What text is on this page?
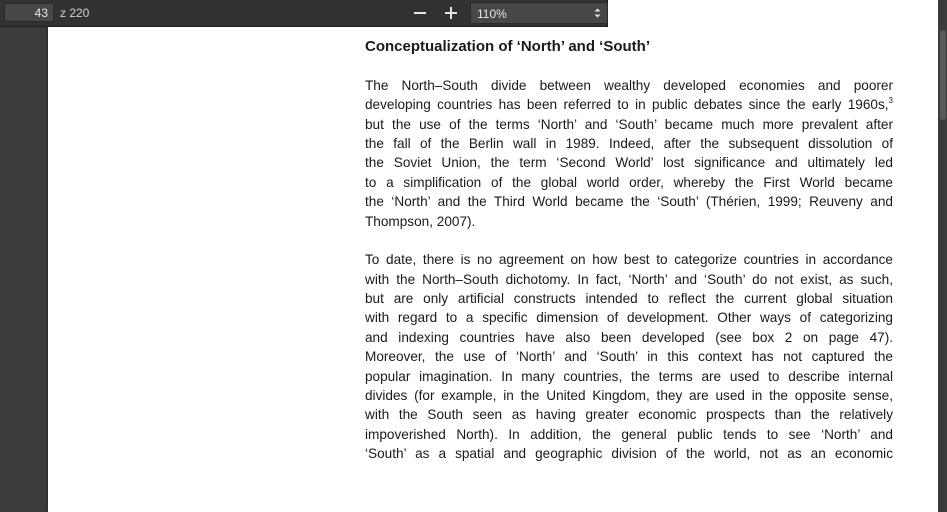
Conceptualization of ‘North’ and ‘South’
The North–South divide between wealthy developed economies and poorer
developing countries has been referred to in public debates since the early 1960s,$^3$
but the use of the terms ‘North’ and ‘South’ became much more prevalent after
the fall of the Berlin wall in 1989. Indeed, after the subsequent dissolution of
the Soviet Union, the term ‘Second World’ lost significance and ultimately led
to a simplification of the global world order, whereby the First World became
the ‘North’ and the Third World became the ‘South’ (Thérien, 1999; Reuveny and
Thompson, 2007).
To date, there is no agreement on how best to categorize countries in accordance
with the North–South dichotomy. In fact, ‘North’ and ‘South’ do not exist, as such,
but are only artificial constructs intended to reflect the current global situation
with regard to a specific dimension of development. Other ways of categorizing
and indexing countries have also been developed (see box 2 on page 47).
Moreover, the use of ‘North’ and ‘South’ in this context has not captured the
popular imagination. In many countries, the terms are used to describe internal
divides (for example, in the United Kingdom, they are used in the opposite sense,
with the South seen as having greater economic prospects than the relatively
impoverished North). In addition, the general public tends to see ‘North’ and
‘South’ as a spatial and geographic division of the world, not as an economic
43
z 220	110%
